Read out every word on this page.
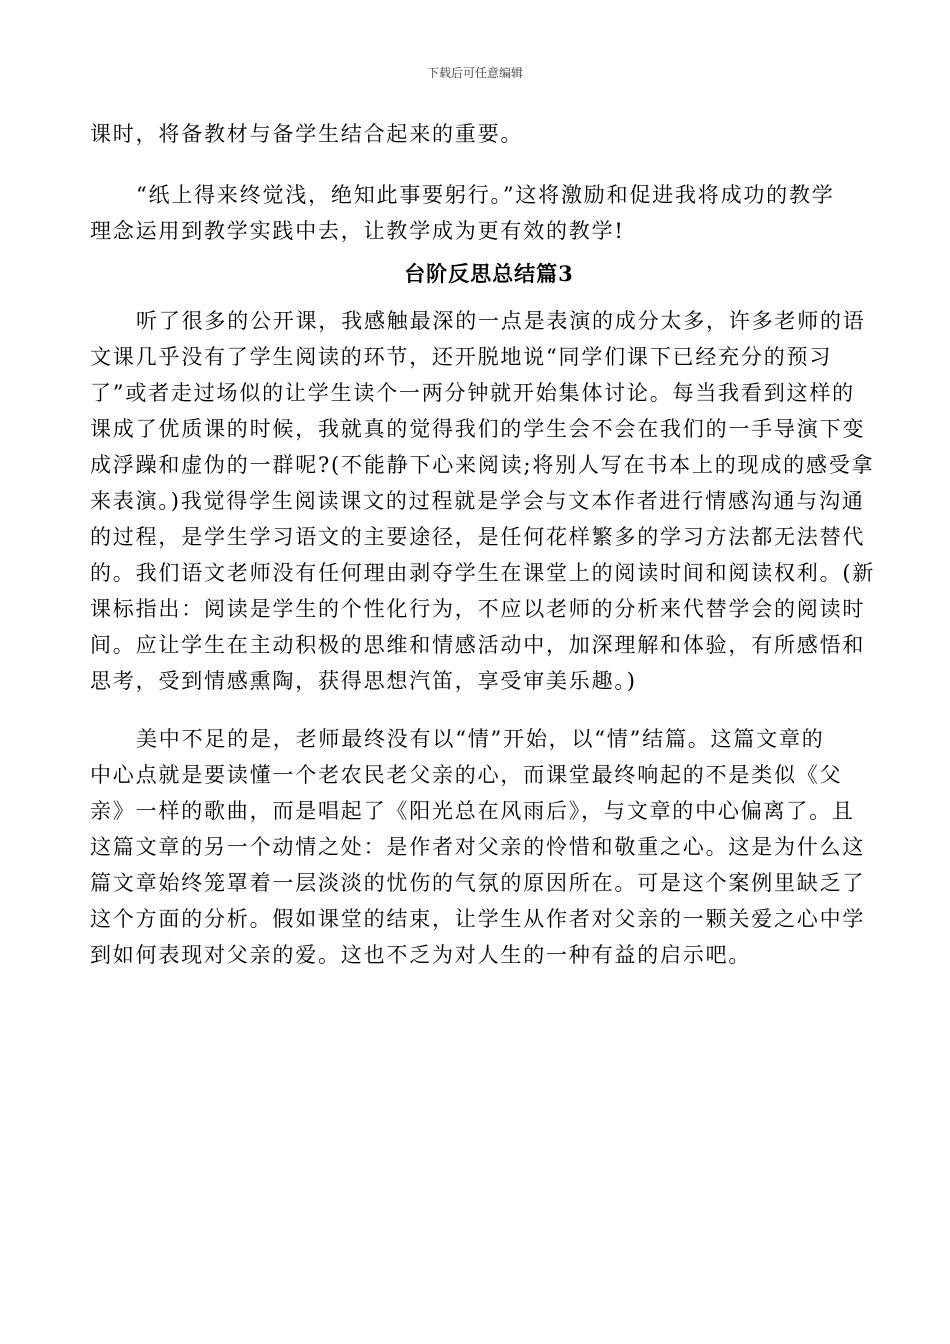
下载后可任意编辑
课时，将备教材与备学生结合起来的重要。
“纸上得来终觉浅，绝知此事要躬行。”这将激励和促进我将成功的教学
理念运用到教学实践中去，让教学成为更有效的教学!
台阶反思总结篇3
听了很多的公开课，我感触最深的一点是表演的成分太多，许多老师的语
文课几乎没有了学生阅读的环节，还开脱地说“同学们课下已经充分的预习
了”或者走过场似的让学生读个一两分钟就开始集体讨论。每当我看到这样的
课成了优质课的时候，我就真的觉得我们的学生会不会在我们的一手导演下变
成浮躁和虚伪的一群呢?(不能静下心来阅读;将别人写在书本上的现成的感受拿
来表演。)我觉得学生阅读课文的过程就是学会与文本作者进行情感沟通与沟通
的过程，是学生学习语文的主要途径，是任何花样繁多的学习方法都无法替代
的。我们语文老师没有任何理由剥夺学生在课堂上的阅读时间和阅读权利。(新
课标指出：阅读是学生的个性化行为，不应以老师的分析来代替学会的阅读时
间。应让学生在主动积极的思维和情感活动中，加深理解和体验，有所感悟和
思考，受到情感熏陶，获得思想汽笛，享受审美乐趣。)
美中不足的是，老师最终没有以“情”开始，以“情”结篇。这篇文章的
中心点就是要读懂一个老农民老父亲的心，而课堂最终响起的不是类似《父
亲》一样的歌曲，而是唱起了《阳光总在风雨后》，与文章的中心偏离了。且
这篇文章的另一个动情之处：是作者对父亲的怜惜和敬重之心。这是为什么这
篇文章始终笼罩着一层淡淡的忧伤的气氛的原因所在。可是这个案例里缺乏了
这个方面的分析。假如课堂的结束，让学生从作者对父亲的一颗关爱之心中学
到如何表现对父亲的爱。这也不乏为对人生的一种有益的启示吧。
